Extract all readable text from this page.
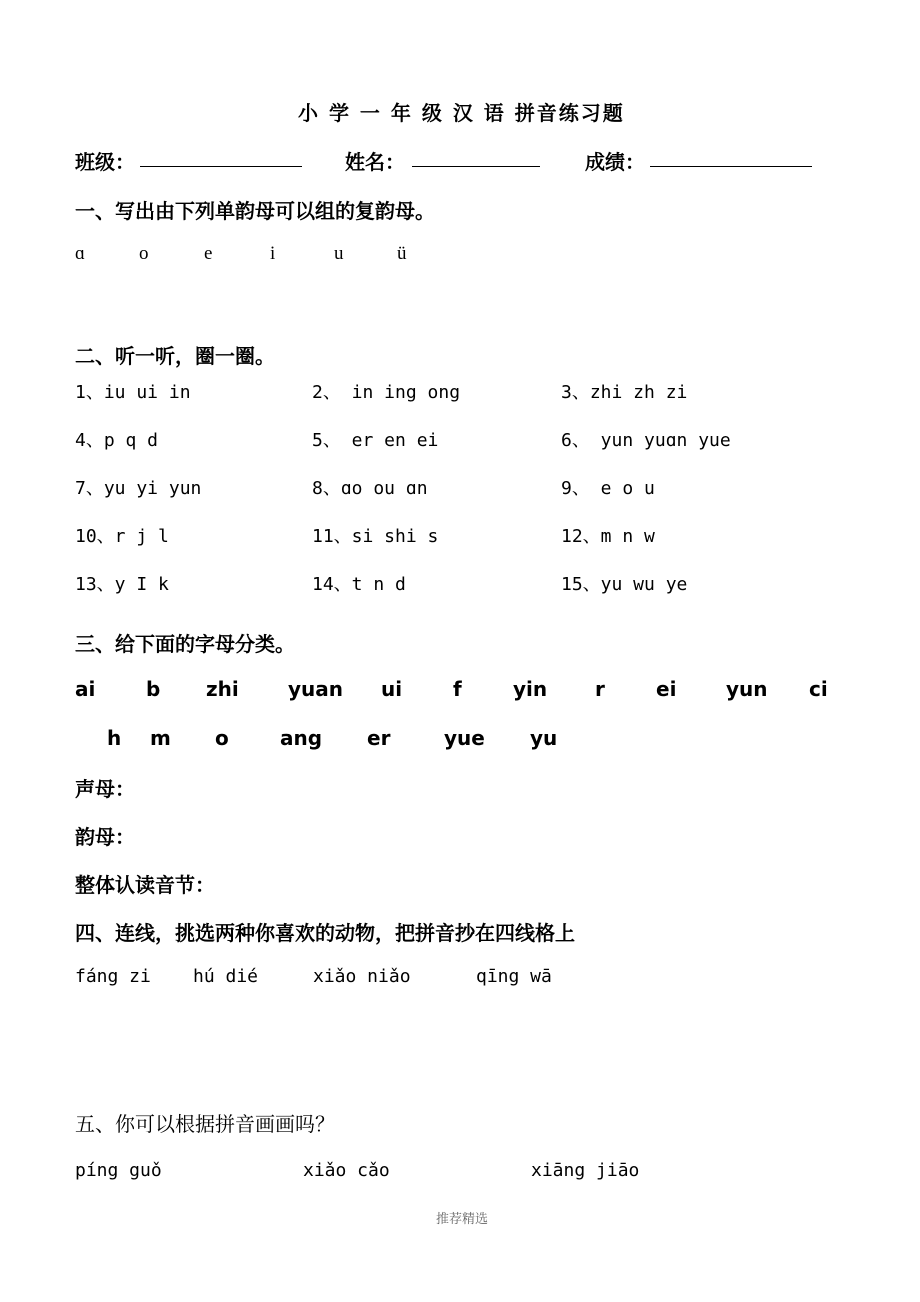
小 学 一 年 级 汉 语 拼音练习题
班级：	姓名：	成绩：
一、写出由下列单韵母可以组的复韵母。
ɑ	o	e	i	u	ü
二、听一听，圈一圈。
1、iu ui in	2、 in ing ong	3、zhi zh zi
4、p q d	5、 er en ei	6、 yun yuɑn yue
7、yu yi yun	8、ɑo ou ɑn	9、 e o u
10、r j l	11、si shi s	12、m n w
13、y I k	14、t n d	15、yu wu ye
三、给下面的字母分类。
ai	b zhi yuan ui	f	yin r	ei yun ci
h m o	ang er	yue yu
声母：
韵母：
整体认读音节：
四、连线，挑选两种你喜欢的动物，把拼音抄在四线格上
fáng zi hú dié	xiǎo niǎo	qīng wā
五、你可以根据拼音画画吗？
píng guǒ	xiǎo cǎo	xiāng jiāo
推荐精选
